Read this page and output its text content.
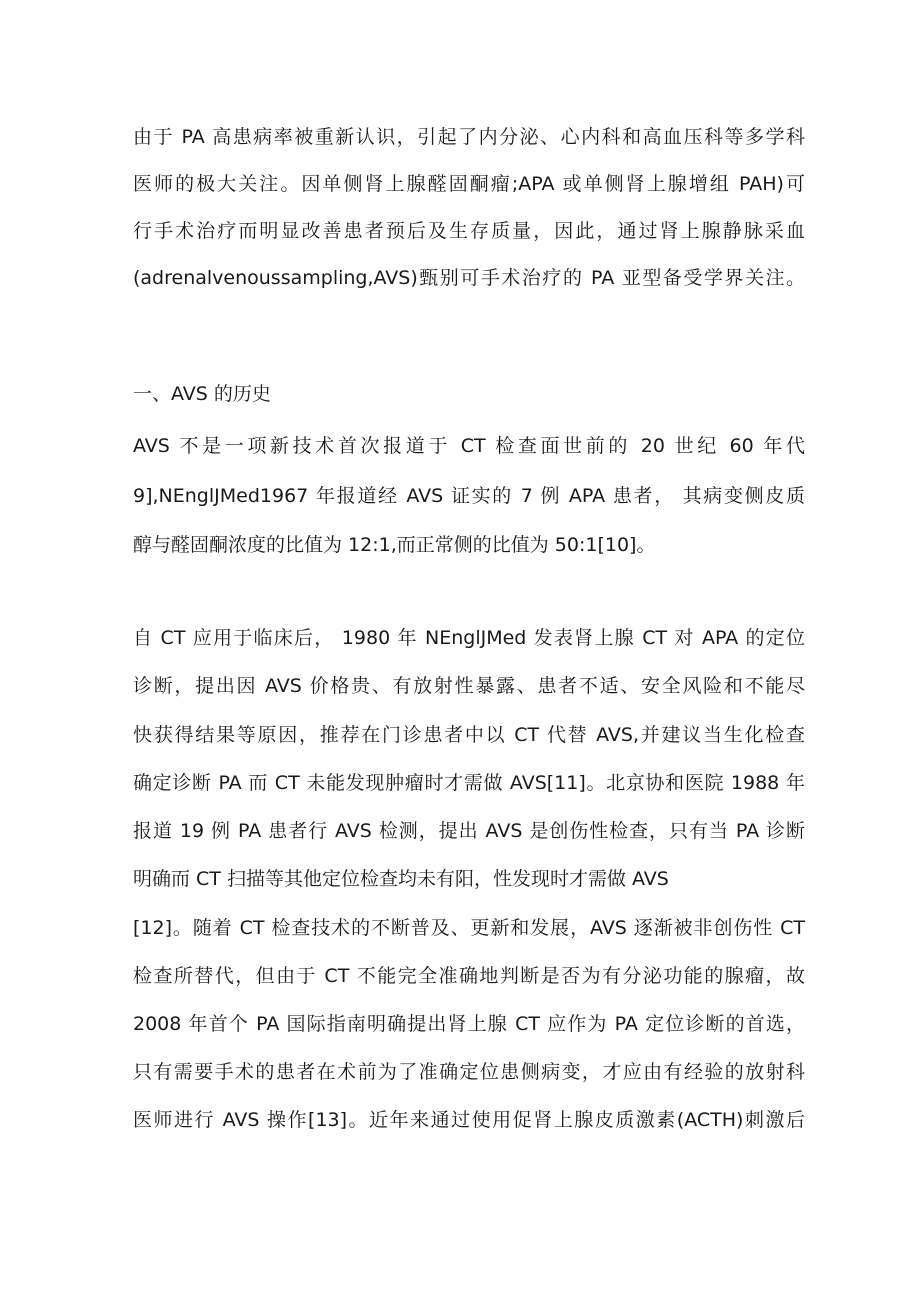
由于 PA 高患病率被重新认识，引起了内分泌、心内科和高血压科等多学科

医师的极大关注。因单侧肾上腺醛固酮瘤;APA 或单侧肾上腺增组 PAH)可

行手术治疗而明显改善患者预后及生存质量，因此，通过肾上腺静脉采血

(adrenalvenoussampling,AVS)甄别可手术治疗的 PA 亚型备受学界关注。

一、AVS 的历史

AVS 不是一项新技术首次报道于 CT 检查面世前的 20 世纪 60 年代

9],NEnglJMed1967 年报道经 AVS 证实的 7 例 APA 患者， 其病变侧皮质

醇与醛固酮浓度的比值为 12:1,而正常侧的比值为 50:1[10]。

自 CT 应用于临床后， 1980 年 NEnglJMed 发表肾上腺 CT 对 APA 的定位

诊断，提出因 AVS 价格贵、有放射性暴露、患者不适、安全风险和不能尽

快获得结果等原因，推荐在门诊患者中以 CT 代替 AVS,并建议当生化检查

确定诊断 PA 而 CT 未能发现肿瘤时才需做 AVS[11]。北京协和医院 1988 年

报道 19 例 PA 患者行 AVS 检测，提出 AVS 是创伤性检查，只有当 PA 诊断

明确而 CT 扫描等其他定位检查均未有阳，性发现时才需做 AVS

[12]。随着 CT 检查技术的不断普及、更新和发展，AVS 逐渐被非创伤性 CT

检查所替代，但由于 CT 不能完全准确地判断是否为有分泌功能的腺瘤，故

2008 年首个 PA 国际指南明确提出肾上腺 CT 应作为 PA 定位诊断的首选，

只有需要手术的患者在术前为了准确定位患侧病变，才应由有经验的放射科

医师进行 AVS 操作[13]。近年来通过使用促肾上腺皮质激素(ACTH)刺激后
